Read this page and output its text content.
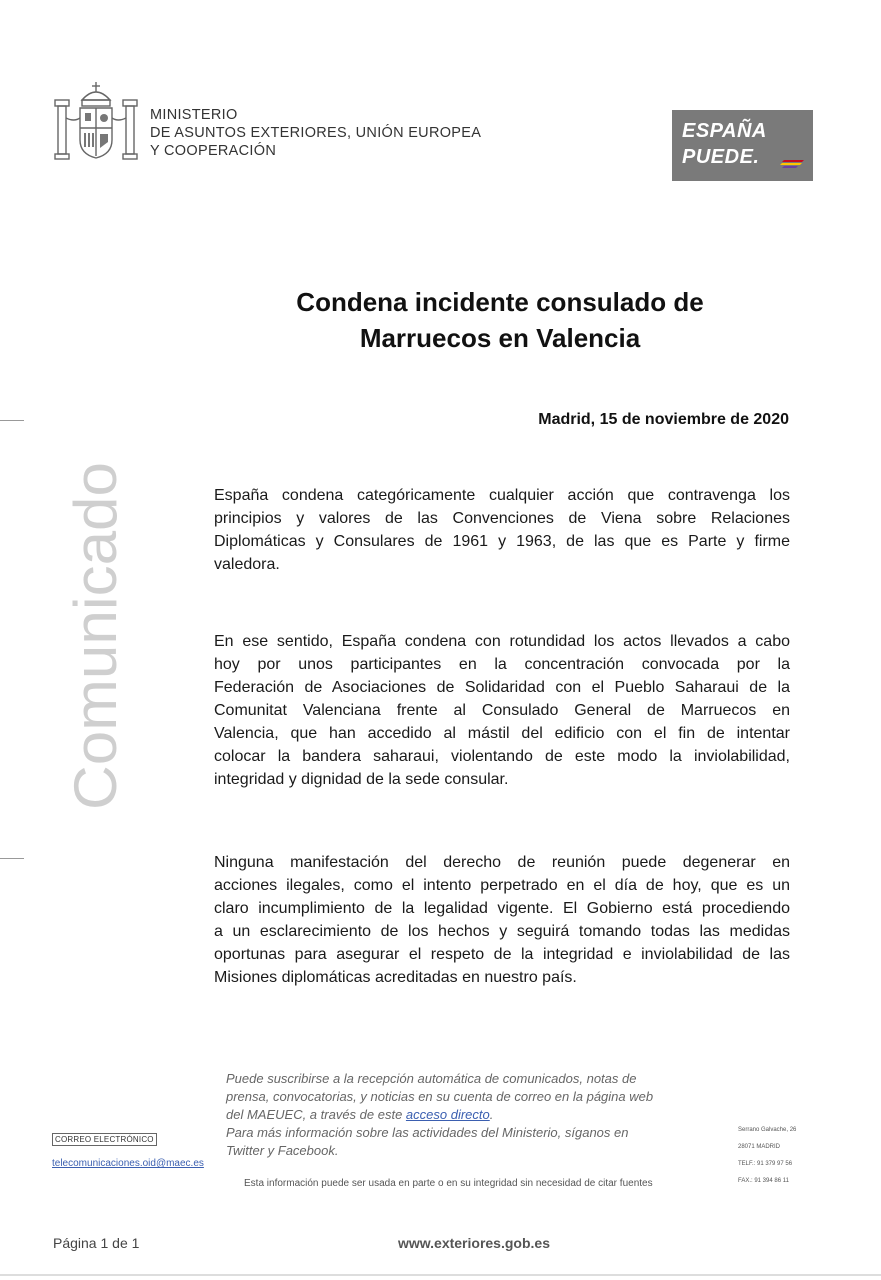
MINISTERIO
DE ASUNTOS EXTERIORES, UNIÓN EUROPEA
Y COOPERACIÓN
ESPAÑA
PUEDE.
Condena incidente consulado de
Marruecos en Valencia
Madrid, 15 de noviembre de 2020
Comunicado	España condena categóricamente cualquier acción que contravenga los
principios y valores de las Convenciones de Viena sobre Relaciones
Diplomáticas y Consulares de 1961 y 1963, de las que es Parte y firme
valedora.
En ese sentido, España condena con rotundidad los actos llevados a cabo
hoy por unos participantes en la concentración convocada por la
Federación de Asociaciones de Solidaridad con el Pueblo Saharaui de la
Comunitat Valenciana frente al Consulado General de Marruecos en
Valencia, que han accedido al mástil del edificio con el fin de intentar
colocar la bandera saharaui, violentando de este modo la inviolabilidad,
integridad y dignidad de la sede consular.
Ninguna manifestación del derecho de reunión puede degenerar en
acciones ilegales, como el intento perpetrado en el día de hoy, que es un
claro incumplimiento de la legalidad vigente. El Gobierno está procediendo
a un esclarecimiento de los hechos y seguirá tomando todas las medidas
oportunas para asegurar el respeto de la integridad e inviolabilidad de las
Misiones diplomáticas acreditadas en nuestro país.
Puede suscribirse a la recepción automática de comunicados, notas de
prensa, convocatorias, y noticias en su cuenta de correo en la página web
del MAEUEC, a través de este acceso directo.
Para más información sobre las actividades del Ministerio, síganos en
Twitter y Facebook.
CORREO ELECTRÓNICO
telecomunicaciones.oid@maec.es
Serrano Galvache, 26
28071 MADRID
TELF.: 91 379 97 56
FAX.: 91 394 86 11
Esta información puede ser usada en parte o en su integridad sin necesidad de citar fuentes
Página 1 de 1	www.exteriores.gob.es
